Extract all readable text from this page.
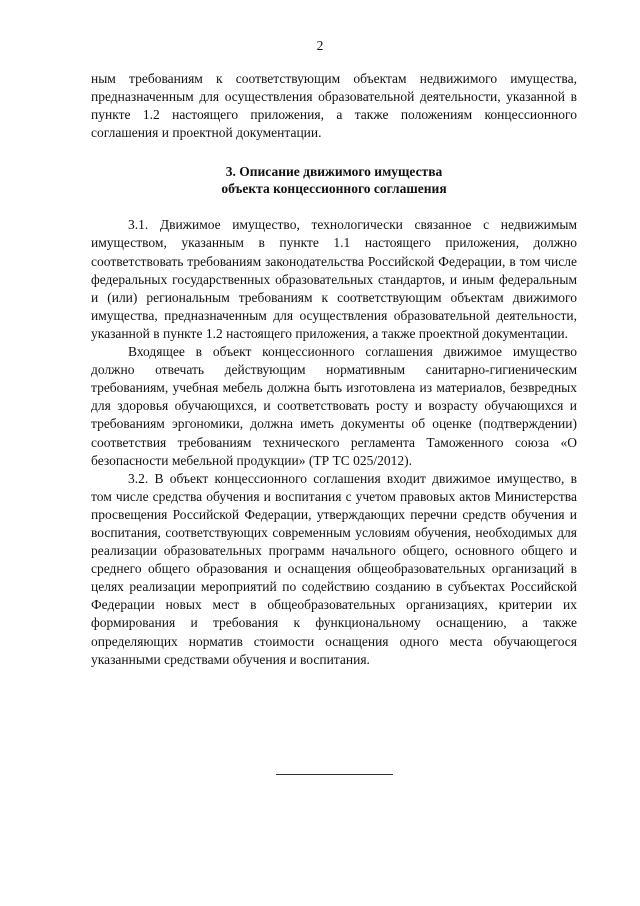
2

ным требованиям к соответствующим объектам недвижимого имущества, предназначенным для осуществления образовательной деятельности, указанной в пункте 1.2 настоящего приложения, а также положениям концессионного соглашения и проектной документации.

3. Описание движимого имущества
объекта концессионного соглашения

3.1. Движимое имущество, технологически связанное с недвижимым имуществом, указанным в пункте 1.1 настоящего приложения, должно соответствовать требованиям законодательства Российской Федерации, в том числе федеральных государственных образовательных стандартов, и иным федеральным и (или) региональным требованиям к соответствующим объектам движимого имущества, предназначенным для осуществления образовательной деятельности, указанной в пункте 1.2 настоящего приложения, а также проектной документации.

Входящее в объект концессионного соглашения движимое имущество должно отвечать действующим нормативным санитарно-гигиеническим требованиям, учебная мебель должна быть изготовлена из материалов, безвредных для здоровья обучающихся, и соответствовать росту и возрасту обучающихся и требованиям эргономики, должна иметь документы об оценке (подтверждении) соответствия требованиям технического регламента Таможенного союза «О безопасности мебельной продукции» (ТР ТС 025/2012).

3.2. В объект концессионного соглашения входит движимое имущество, в том числе средства обучения и воспитания с учетом правовых актов Министерства просвещения Российской Федерации, утверждающих перечни средств обучения и воспитания, соответствующих современным условиям обучения, необходимых для реализации образовательных программ начального общего, основного общего и среднего общего образования и оснащения общеобразовательных организаций в целях реализации мероприятий по содействию созданию в субъектах Российской Федерации новых мест в общеобразовательных организациях, критерии их формирования и требования к функциональному оснащению, а также определяющих норматив стоимости оснащения одного места обучающегося указанными средствами обучения и воспитания.
